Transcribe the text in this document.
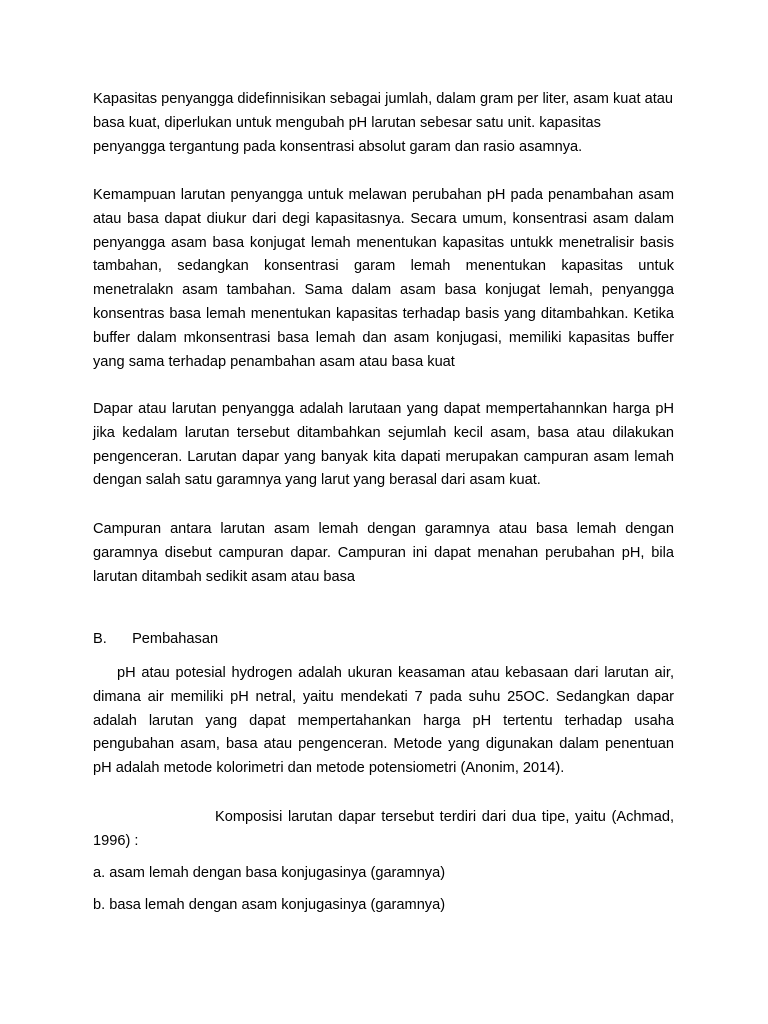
Kapasitas penyangga didefinnisikan sebagai jumlah, dalam gram per liter, asam kuat atau basa kuat, diperlukan untuk mengubah pH larutan sebesar satu unit. kapasitas penyangga tergantung pada konsentrasi absolut garam dan rasio asamnya.

Kemampuan larutan penyangga untuk melawan perubahan pH pada penambahan asam atau basa dapat diukur dari degi kapasitasnya. Secara umum, konsentrasi asam dalam penyangga asam basa konjugat lemah menentukan kapasitas untukk menetralisir basis tambahan, sedangkan konsentrasi garam lemah menentukan kapasitas untuk menetralakn asam tambahan. Sama dalam asam basa konjugat lemah, penyangga konsentras basa lemah menentukan kapasitas terhadap basis yang ditambahkan. Ketika buffer dalam mkonsentrasi basa lemah dan asam konjugasi, memiliki kapasitas buffer yang sama terhadap penambahan asam atau basa kuat

Dapar atau larutan penyangga adalah larutaan yang dapat mempertahannkan harga pH jika kedalam larutan tersebut ditambahkan sejumlah kecil asam, basa atau dilakukan pengenceran. Larutan dapar yang banyak kita dapati merupakan campuran asam lemah dengan salah satu garamnya yang larut yang berasal dari asam kuat.

Campuran antara larutan asam lemah dengan garamnya atau basa lemah dengan garamnya disebut campuran dapar. Campuran ini dapat menahan perubahan pH, bila larutan ditambah sedikit asam atau basa

B. Pembahasan

pH atau potesial hydrogen adalah ukuran keasaman atau kebasaan dari larutan air, dimana air memiliki pH netral, yaitu mendekati 7 pada suhu 25OC. Sedangkan dapar adalah larutan yang dapat mempertahankan harga pH tertentu terhadap usaha pengubahan asam, basa atau pengenceran. Metode yang digunakan dalam penentuan pH adalah metode kolorimetri dan metode potensiometri (Anonim, 2014).

Komposisi larutan dapar tersebut terdiri dari dua tipe, yaitu (Achmad, 1996) :

a. asam lemah dengan basa konjugasinya (garamnya)

b. basa lemah dengan asam konjugasinya (garamnya)
